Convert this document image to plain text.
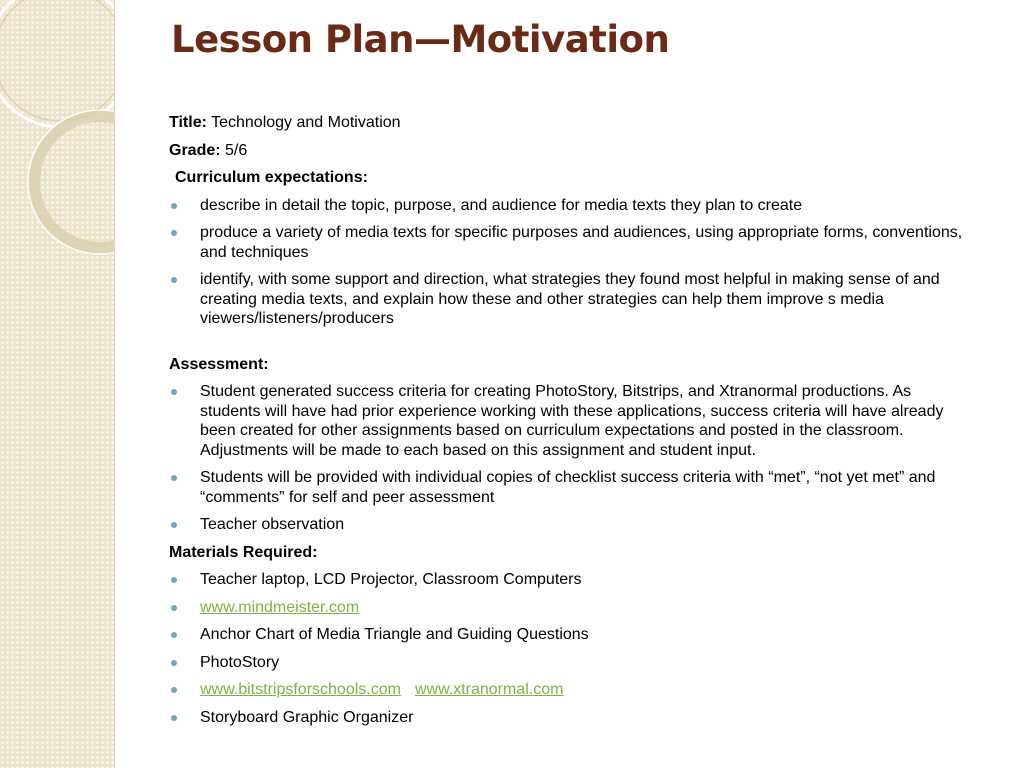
Lesson Plan—Motivation
Title: Technology and Motivation
Grade: 5/6
Curriculum expectations:
describe in detail the topic, purpose, and audience for media texts they plan to create
produce a variety of media texts for specific purposes and audiences, using appropriate forms, conventions, and techniques
identify, with some support and direction, what strategies they found most helpful in making sense of and creating media texts, and explain how these and other strategies can help them improve s media viewers/listeners/producers
Assessment:
Student generated success criteria for creating PhotoStory, Bitstrips, and Xtranormal productions. As students will have had prior experience working with these applications, success criteria will have already been created for other assignments based on curriculum expectations and posted in the classroom. Adjustments will be made to each based on this assignment and student input.
Students will be provided with individual copies of checklist success criteria with “met”, “not yet met” and “comments” for self and peer assessment
Teacher observation
Materials Required:
Teacher laptop, LCD Projector, Classroom Computers
www.mindmeister.com
Anchor Chart of Media Triangle and Guiding Questions
PhotoStory
www.bitstripsforschools.com www.xtranormal.com
Storyboard Graphic Organizer
